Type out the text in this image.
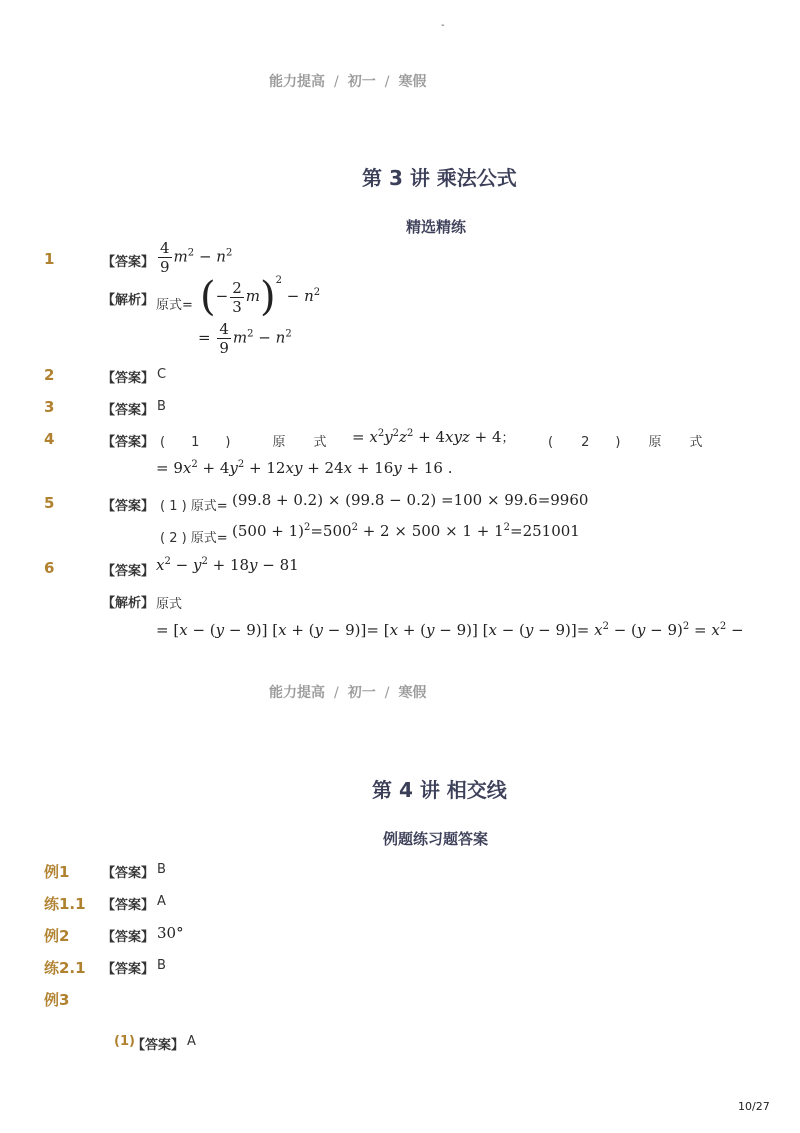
-
能力提高 / 初一 / 寒假
第 3 讲 乘法公式
精选精练
1	【答案】 $\frac{4}{9} m^2 - n^2$
【解析】 原式= (− $\frac{2}{3} m)^2 - n^2$
= $\frac{4}{9} m^2 - n^2$
2	【答案】 C
3	【答案】 B
4	【答案】 ( 1 )	原 式	= $x^2y^2z^2 + 4xyz + 4$；	( 2 ) 原 式
= $9x^2 + 4y^2 + 12xy + 24x + 16y + 16$ .
5	【答案】 ( 1 ) 原式= (99.8 + 0.2) × (99.8 − 0.2) =100 × 99.6=9960
( 2 ) 原式= $(500 + 1)^2=500^2 + 2 \times 500 \times 1 + 1^2=251001$
6	【答案】 $x^2 - y^2 + 18y - 81$
【解析】 原式
= [x − (y − 9)] [x + (y − 9)]= [x + (y − 9)] $[x - (y - 9)]= x^2 - (y - 9)^2 = x^2$ −
能力提高 / 初一 / 寒假
第 4 讲 相交线
例题练习题答案
例1	【答案】 B
练1.1 【答案】 A
例2	【答案】 30°
练2.1 【答案】 B
例3
(1)
【答案】 A
10/27
